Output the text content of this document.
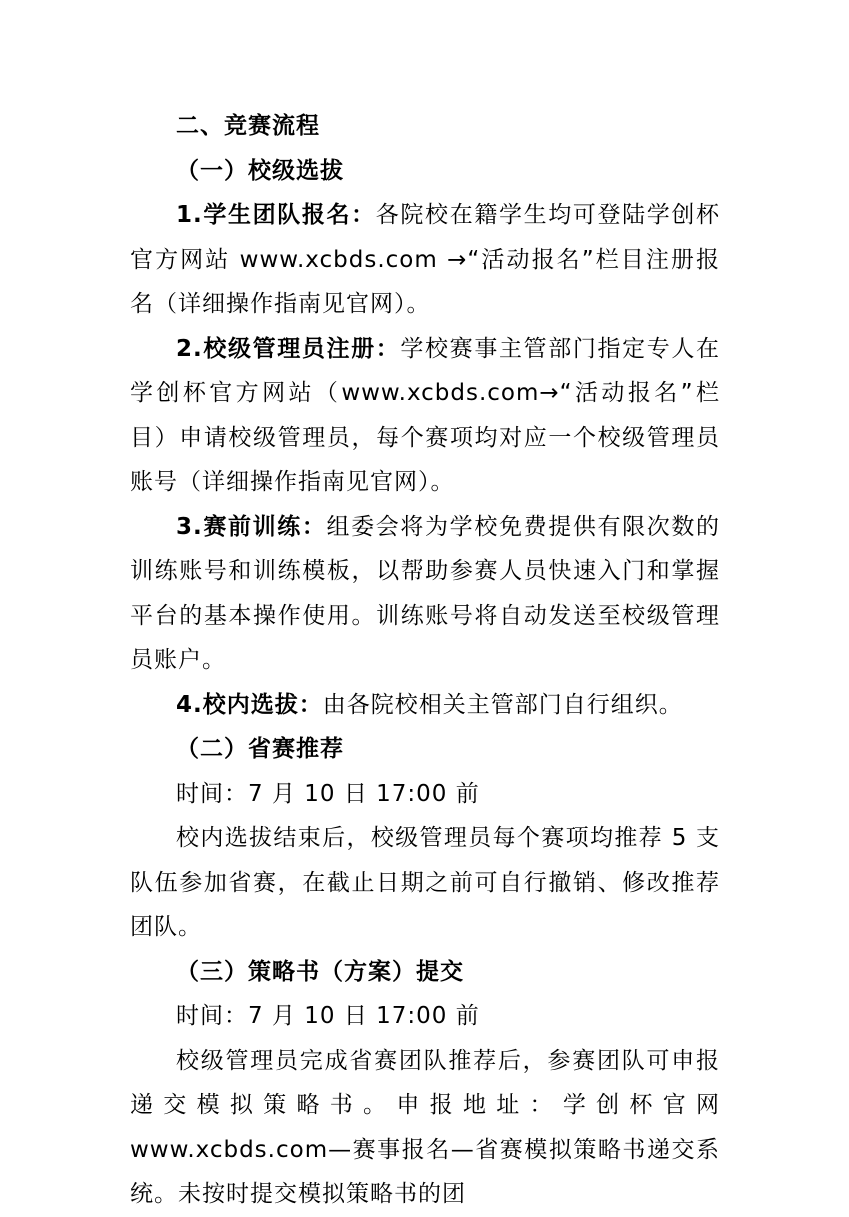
二、竞赛流程

（一）校级选拔

1.学生团队报名：各院校在籍学生均可登陆学创杯官方网站 www.xcbds.com →“活动报名”栏目注册报名（详细操作指南见官网）。

2.校级管理员注册：学校赛事主管部门指定专人在学创杯官方网站（www.xcbds.com→“活动报名”栏目）申请校级管理员，每个赛项均对应一个校级管理员账号（详细操作指南见官网）。

3.赛前训练：组委会将为学校免费提供有限次数的训练账号和训练模板，以帮助参赛人员快速入门和掌握平台的基本操作使用。训练账号将自动发送至校级管理员账户。

4.校内选拔：由各院校相关主管部门自行组织。

（二）省赛推荐

时间：7 月 10 日 17:00 前

校内选拔结束后，校级管理员每个赛项均推荐 5 支队伍参加省赛，在截止日期之前可自行撤销、修改推荐团队。

（三）策略书（方案）提交

时间：7 月 10 日 17:00 前

校级管理员完成省赛团队推荐后，参赛团队可申报递交模拟策略书。申报地址：学创杯官网 www.xcbds.com—赛事报名—省赛模拟策略书递交系统。未按时提交模拟策略书的团
